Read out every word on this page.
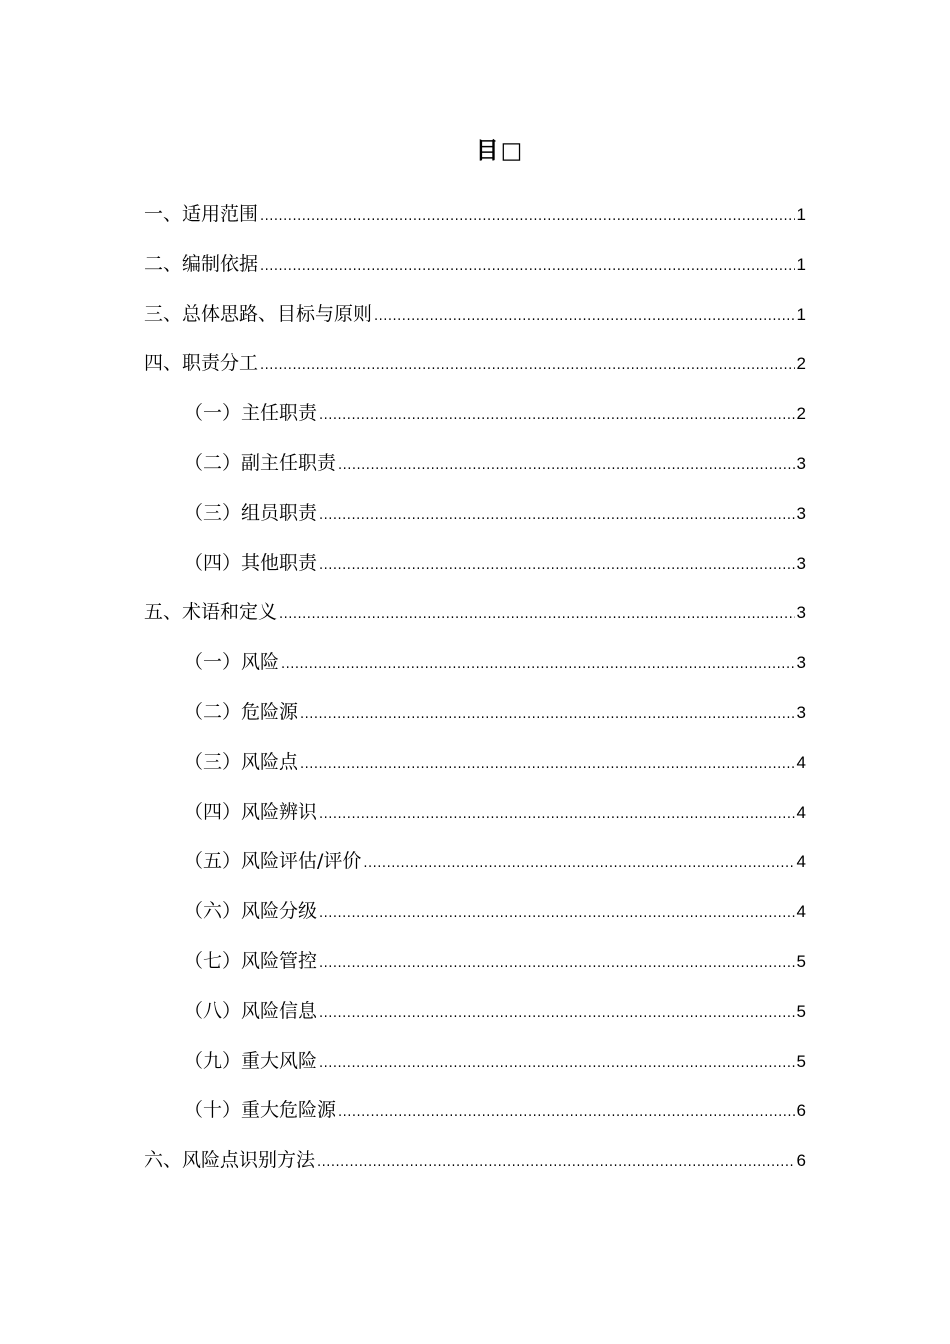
目□
一、适用范围 .....	1
二、编制依据 .....	1
三、总体思路、目标与原则 .....	1
四、职责分工 .....	2
（一）主任职责 .....	2
（二）副主任职责 .....	3
（三）组员职责 .....	3
（四）其他职责 .....	3
五、术语和定义 .....	3
（一）风险 .....	3
（二）危险源 .....	3
（三）风险点 .....	4
（四）风险辨识 .....	4
（五）风险评估/评价 .....	4
（六）风险分级 .....	4
（七）风险管控 .....	5
（八）风险信息 .....	5
（九）重大风险 .....	5
（十）重大危险源 .....	6
六、风险点识别方法 .....	6
